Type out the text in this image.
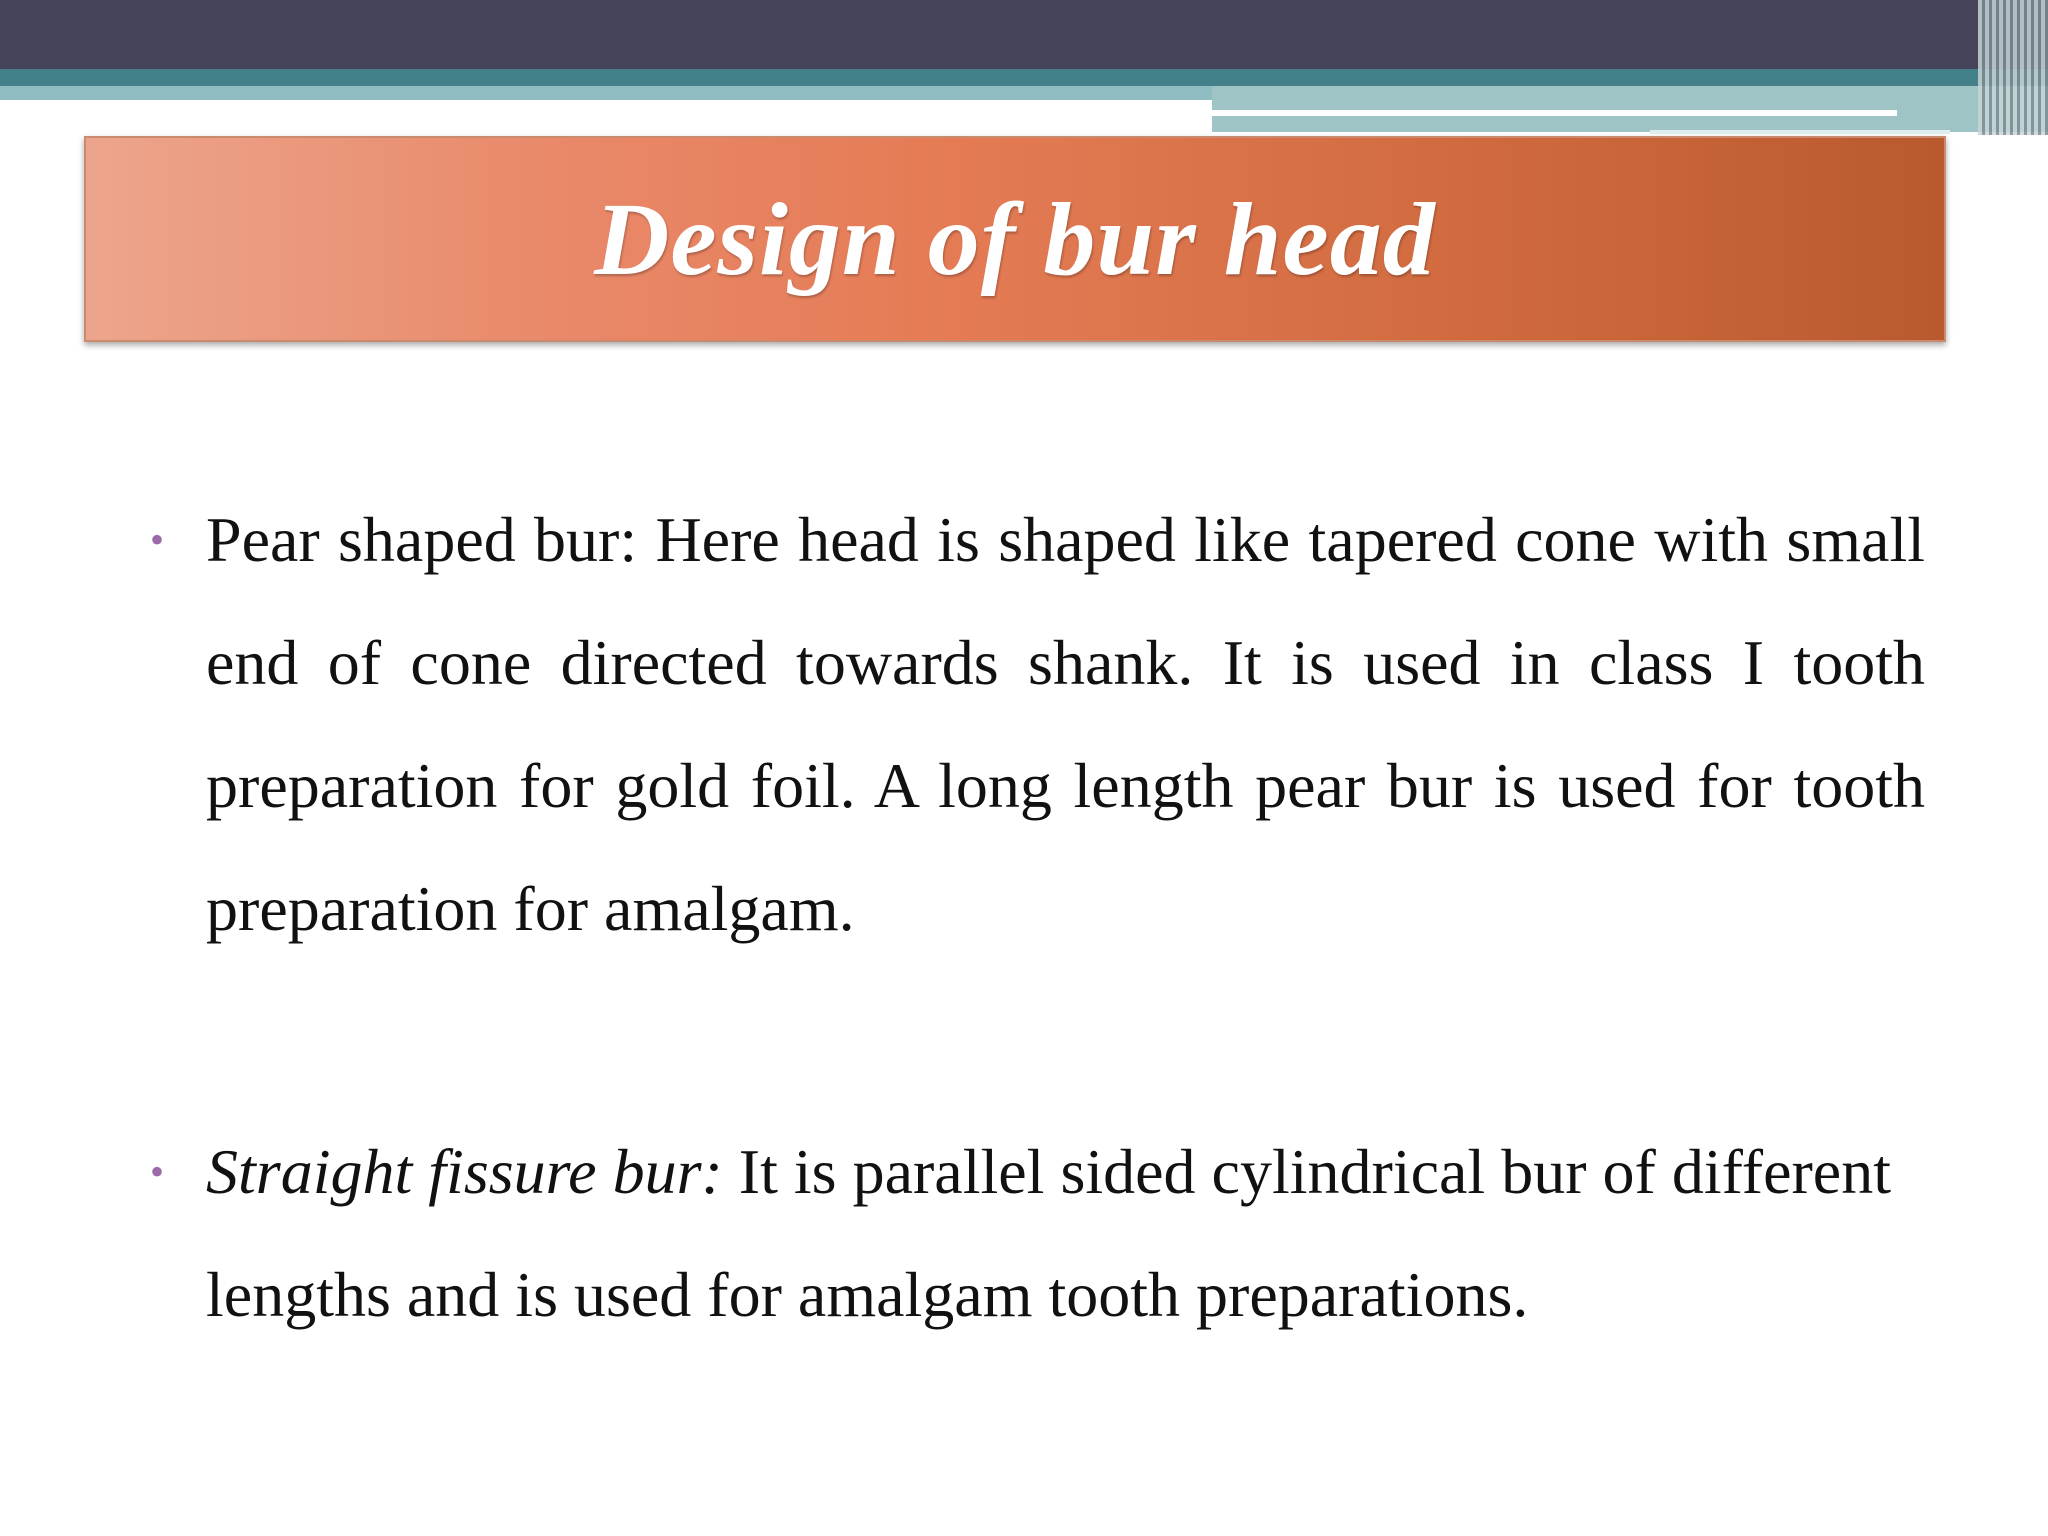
Design of bur head
• Pear shaped bur: Here head is shaped like tapered cone with small end of cone directed towards shank. It is used in class I tooth preparation for gold foil. A long length pear bur is used for tooth preparation for amalgam.
• Straight fissure bur: It is parallel sided cylindrical bur of different lengths and is used for amalgam tooth preparations.
